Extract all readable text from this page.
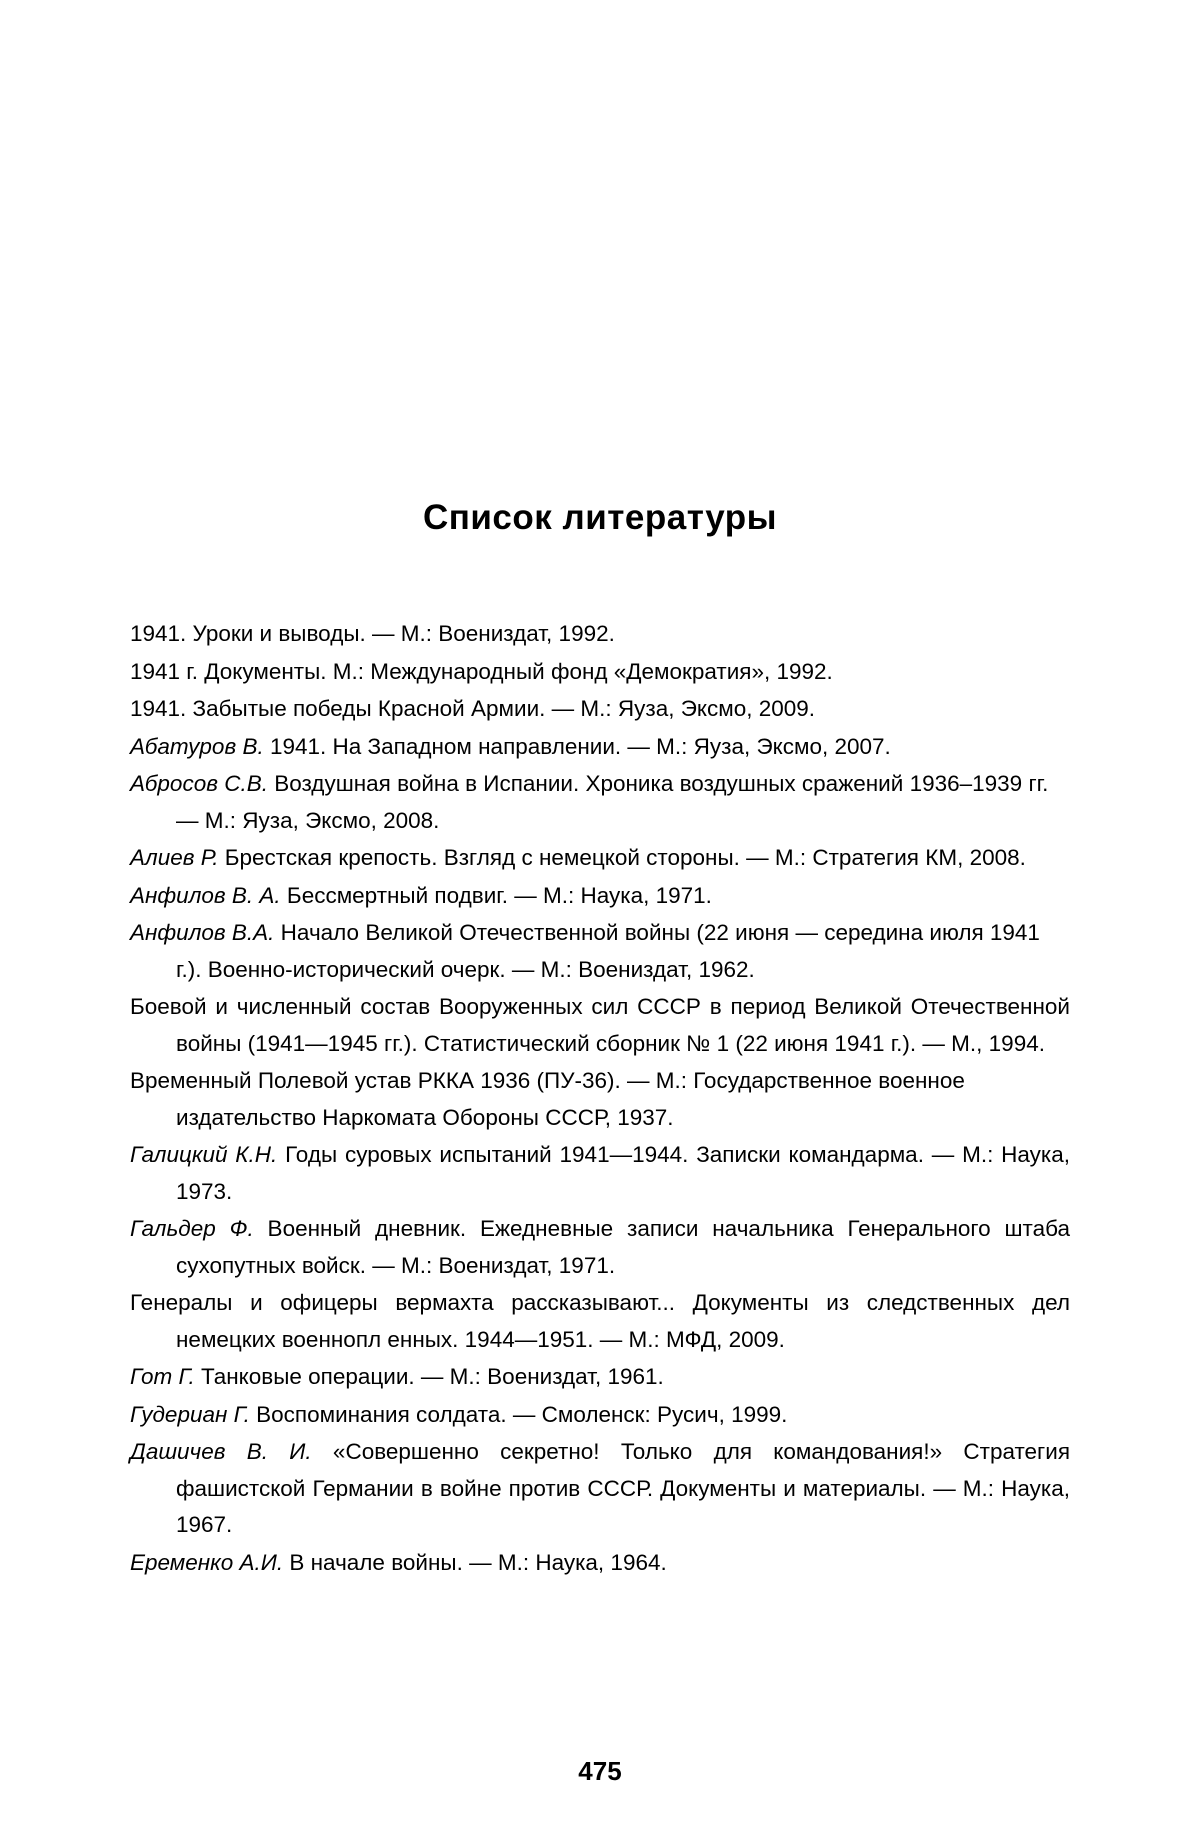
Список литературы
1941. Уроки и выводы. — М.: Воениздат, 1992.
1941 г. Документы. М.: Международный фонд «Демократия», 1992.
1941. Забытые победы Красной Армии. — М.: Яуза, Эксмо, 2009.
Абатуров В. 1941. На Западном направлении. — М.: Яуза, Эксмо, 2007.
Абросов С.В. Воздушная война в Испании. Хроника воздушных сражений 1936–1939 гг. — М.: Яуза, Эксмо, 2008.
Алиев Р. Брестская крепость. Взгляд с немецкой стороны. — М.: Стратегия КМ, 2008.
Анфилов В. А. Бессмертный подвиг. — М.: Наука, 1971.
Анфилов В.А. Начало Великой Отечественной войны (22 июня — середина июля 1941 г.). Военно-исторический очерк. — М.: Воениздат, 1962.
Боевой и численный состав Вооруженных сил СССР в период Великой Отечественной войны (1941—1945 гг.). Статистический сборник № 1 (22 июня 1941 г.). — М., 1994.
Временный Полевой устав РККА 1936 (ПУ-36). — М.: Государственное военное издательство Наркомата Обороны СССР, 1937.
Галицкий К.Н. Годы суровых испытаний 1941—1944. Записки командарма. — М.: Наука, 1973.
Гальдер Ф. Военный дневник. Ежедневные записи начальника Генерального штаба сухопутных войск. — М.: Воениздат, 1971.
Генералы и офицеры вермахта рассказывают... Документы из следственных дел немецких военнопл енных. 1944—1951. — М.: МФД, 2009.
Гот Г. Танковые операции. — М.: Воениздат, 1961.
Гудериан Г. Воспоминания солдата. — Смоленск: Русич, 1999.
Дашичев В. И. «Совершенно секретно! Только для командования!» Стратегия фашистской Германии в войне против СССР. Документы и материалы. — М.: Наука, 1967.
Еременко А.И. В начале войны. — М.: Наука, 1964.
475
